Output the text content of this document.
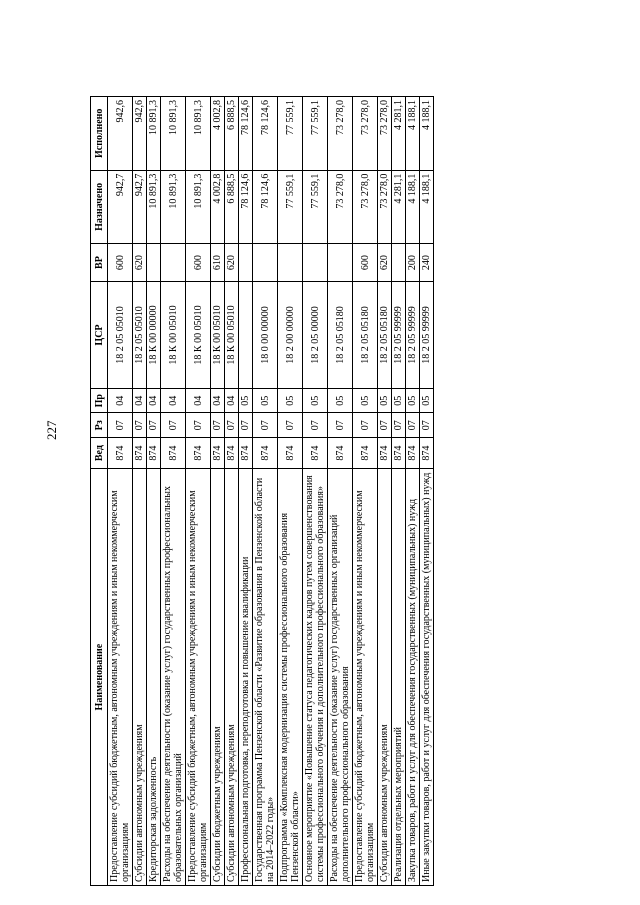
227
Наименование	Вед	Рз	Пр	ЦСР	ВР	Назначено	Исполнено
Предоставление субсидий бюджетным, автономным учреждениям и иным некоммерческим организациям	874	07	04	18 2 05 05010	600	942,7	942,6
Субсидии автономным учреждениям	874	07	04	18 2 05 05010	620	942,7	942,6
Кредиторская задолженность	874	07	04	18 К 00 00000		10 891,3	10 891,3
Расходы на обеспечение деятельности (оказание услуг) государственных профессиональных образовательных организаций	874	07	04	18 К 00 05010		10 891,3	10 891,3
Предоставление субсидий бюджетным, автономным учреждениям и иным некоммерческим организациям	874	07	04	18 К 00 05010	600	10 891,3	10 891,3
Субсидии бюджетным учреждениям	874	07	04	18 К 00 05010	610	4 002,8	4 002,8
Субсидии автономным учреждениям	874	07	04	18 К 00 05010	620	6 888,5	6 888,5
Профессиональная подготовка, переподготовка и повышение квалификации	874	07	05			78 124,6	78 124,6
Государственная программа Пензенской области «Развитие образования в Пензенской области на 2014–2022 годы»	874	07	05	18 0 00 00000		78 124,6	78 124,6
Подпрограмма «Комплексная модернизация системы профессионального образования Пензенской области»	874	07	05	18 2 00 00000		77 559,1	77 559,1
Основное мероприятие «Повышение статуса педагогических кадров путем совершенствования системы профессионального обучения и дополнительного профессионального образования»	874	07	05	18 2 05 00000		77 559,1	77 559,1
Расходы на обеспечение деятельности (оказание услуг) государственных организаций дополнительного профессионального образования	874	07	05	18 2 05 05180		73 278,0	73 278,0
Предоставление субсидий бюджетным, автономным учреждениям и иным некоммерческим организациям	874	07	05	18 2 05 05180	600	73 278,0	73 278,0
Субсидии автономным учреждениям	874	07	05	18 2 05 05180	620	73 278,0	73 278,0
Реализация отдельных мероприятий	874	07	05	18 2 05 99999		4 281,1	4 281,1
Закупка товаров, работ и услуг для обеспечения государственных (муниципальных) нужд	874	07	05	18 2 05 99999	200	4 188,1	4 188,1
Иные закупки товаров, работ и услуг для обеспечения государственных (муниципальных) нужд	874	07	05	18 2 05 99999	240	4 188,1	4 188,1
